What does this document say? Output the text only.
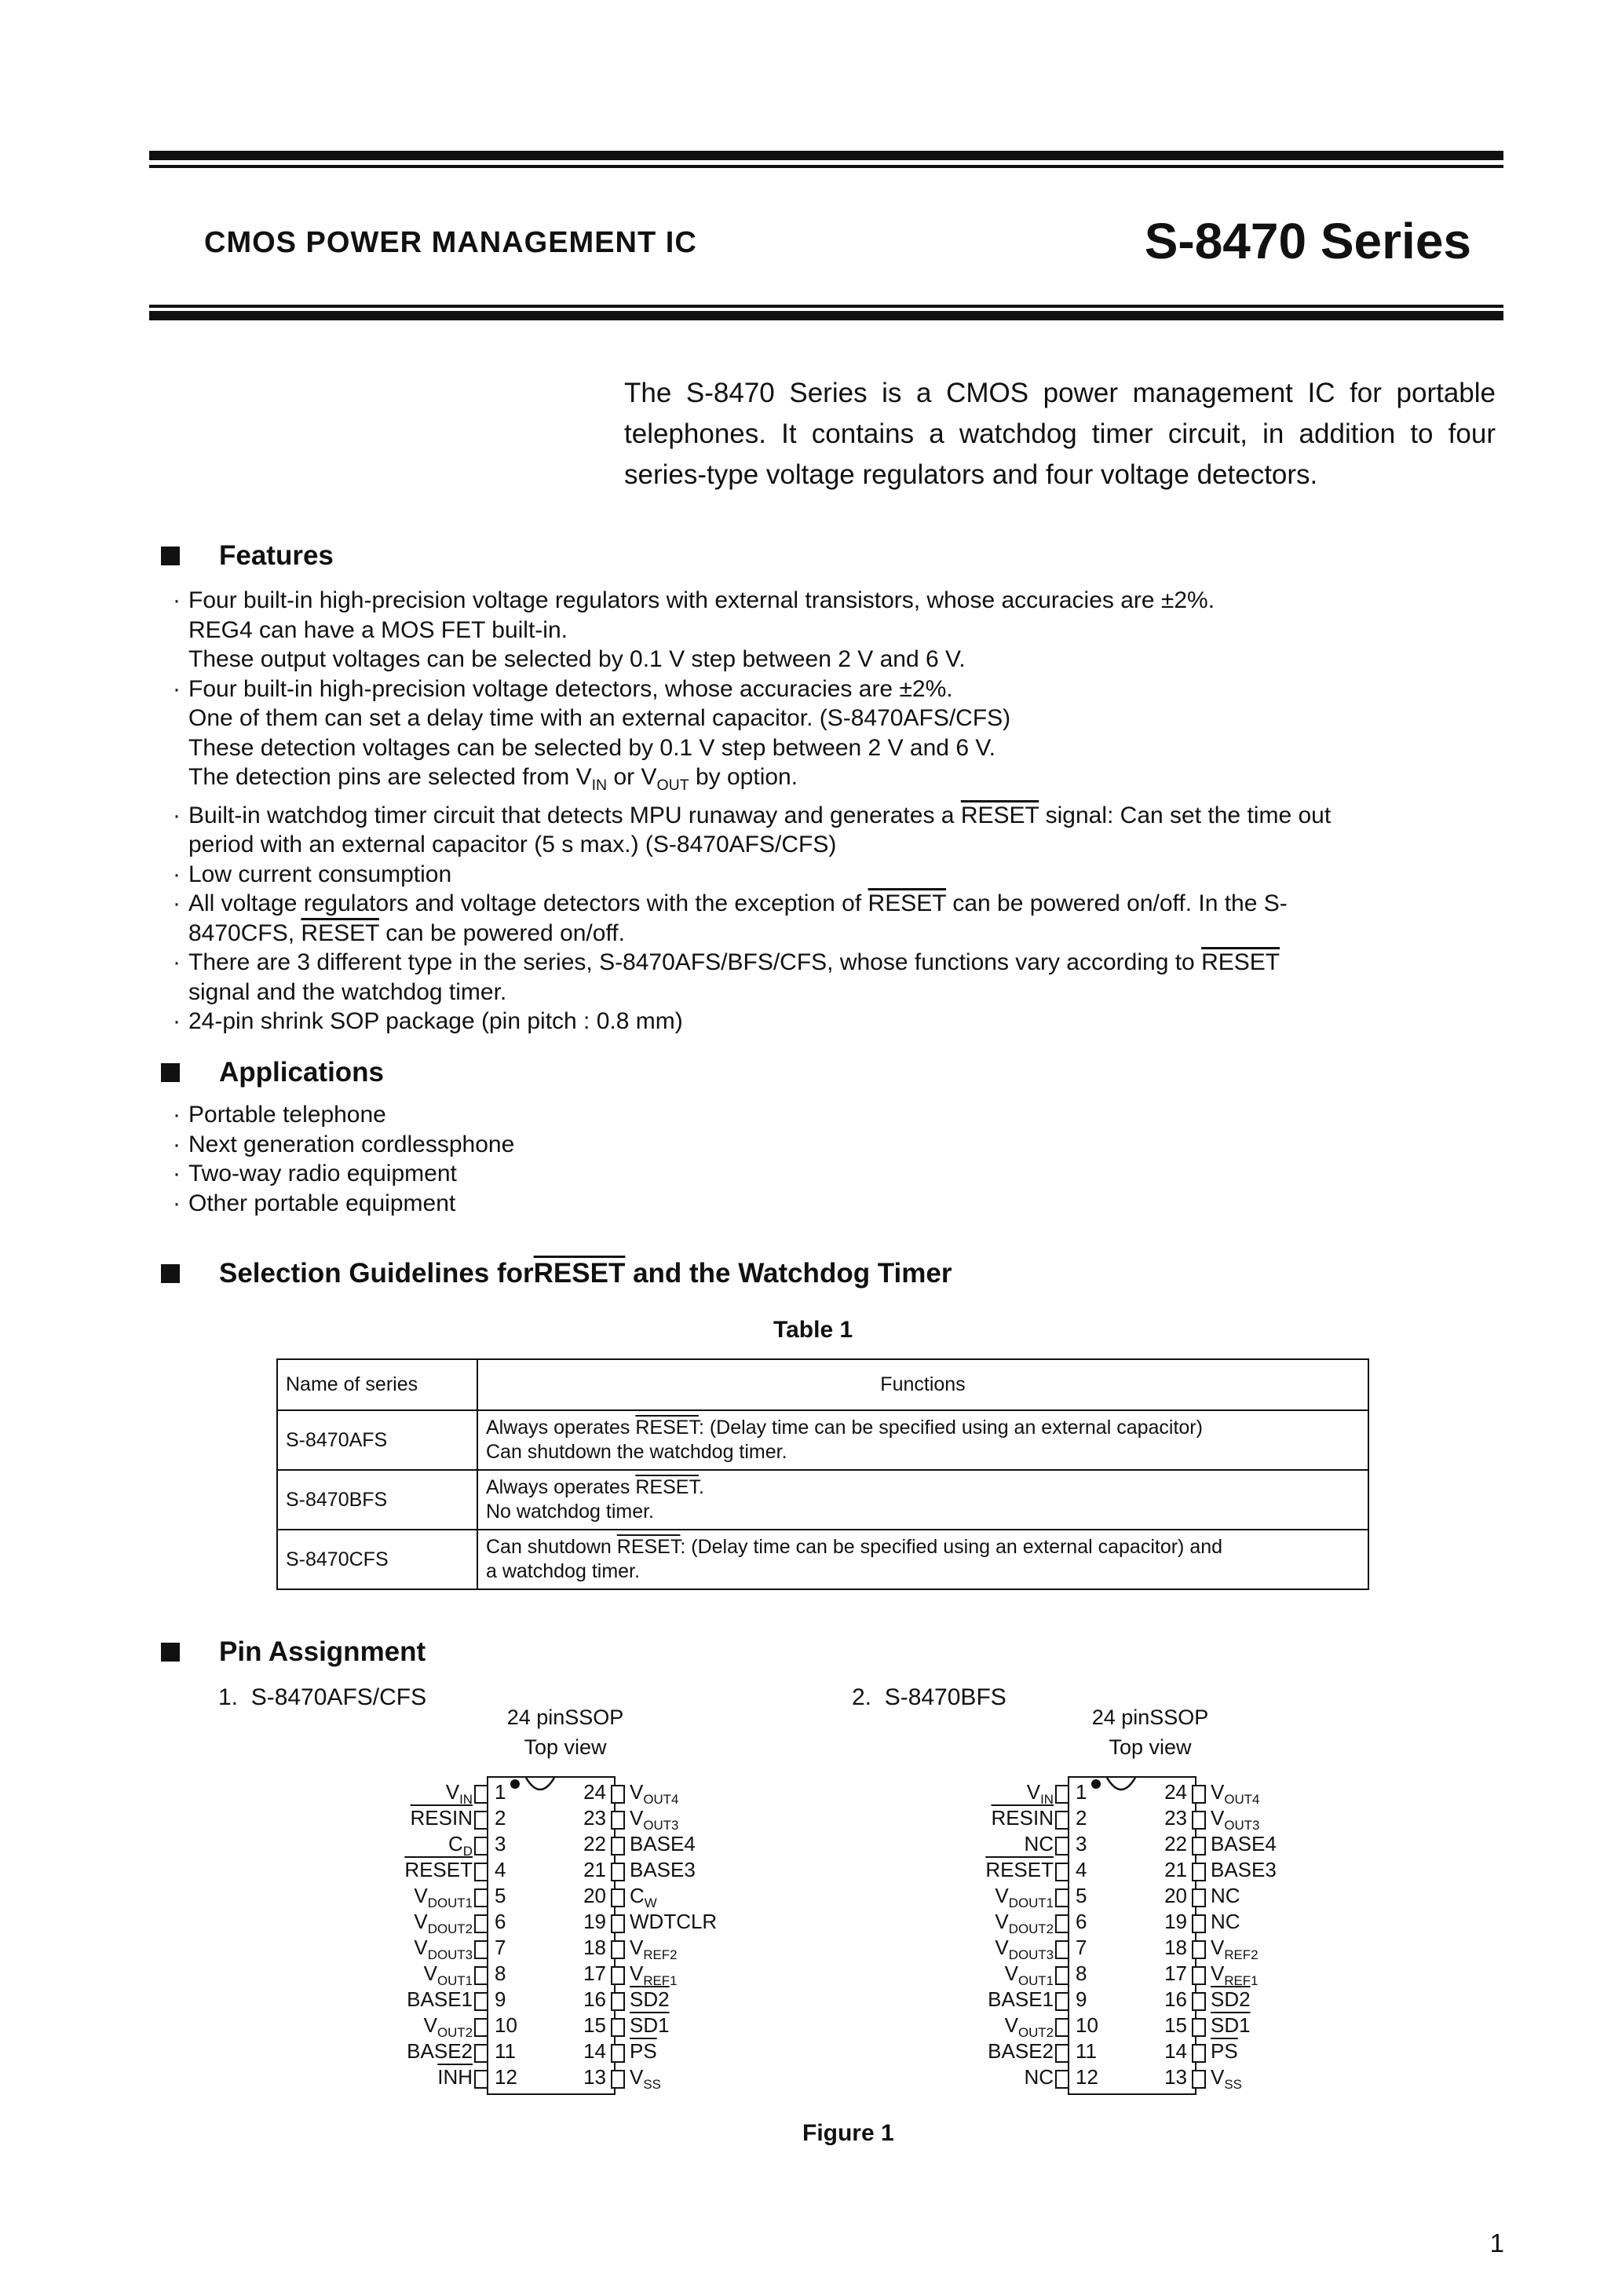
CMOS POWER MANAGEMENT IC	S-8470 Series
The S-8470 Series is a CMOS power management IC for portable telephones. It contains a watchdog timer circuit, in addition to four series-type voltage regulators and four voltage detectors.
Features
· Four built-in high-precision voltage regulators with external transistors, whose accuracies are ±2%.
REG4 can have a MOS FET built-in.
These output voltages can be selected by 0.1 V step between 2 V and 6 V.
· Four built-in high-precision voltage detectors, whose accuracies are ±2%.
One of them can set a delay time with an external capacitor. (S-8470AFS/CFS)
These detection voltages can be selected by 0.1 V step between 2 V and 6 V.
The detection pins are selected from $V_{IN}$ or $V_{OUT}$ by option.
· Built-in watchdog timer circuit that detects MPU runaway and generates a RESET signal: Can set the time out
period with an external capacitor (5 s max.) (S-8470AFS/CFS)
· Low current consumption
· All voltage regulators and voltage detectors with the exception of RESET can be powered on/off. In the S-
8470CFS, RESET can be powered on/off.
· There are 3 different type in the series, S-8470AFS/BFS/CFS, whose functions vary according to RESET
signal and the watchdog timer.
· 24-pin shrink SOP package (pin pitch : 0.8 mm)
Applications
· Portable telephone
· Next generation cordlessphone
· Two-way radio equipment
· Other portable equipment
Selection Guidelines for RESET and the Watchdog Timer
Table 1
Name of series	Functions
S-8470AFS	Always operates RESET: (Delay time can be specified using an external capacitor)
Can shutdown the watchdog timer.

S-8470BFS	Always operates RESET.
No watchdog timer.

S-8470CFS	Can shutdown RESET: (Delay time can be specified using an external capacitor) and
a watchdog timer.
Pin Assignment
1.  S-8470AFS/CFS
24 pinSSOP
Top view
2.  S-8470BFS
24 pinSSOP
Top view
$V_{IN}$ 1	24 $V_{OUT4}$
RESIN 2	23 $V_{OUT3}$
$C_D$ 3	22 BASE4
RESET 4	21 BASE3
$V_{DOUT1}$ 5	20 $C_W$
$V_{DOUT2}$ 6	19 WDTCLR
$V_{DOUT3}$ 7	18 $V_{REF2}$
$V_{OUT1}$ 8	17 $V_{REF1}$
BASE1 9	16 SD2
$V_{OUT2}$ 10	15 SD1
BASE2 11	14 $\overline{PS}$
$\overline{INH}$ 12	13 $V_{SS}$
$V_{IN}$ 1	24 $V_{OUT4}$
RESIN 2	23 $V_{OUT3}$
NC 3	22 BASE4
RESET 4	21 BASE3
$V_{DOUT1}$ 5	20 NC
$V_{DOUT2}$ 6	19 NC
$V_{DOUT3}$ 7	18 $V_{REF2}$
$V_{OUT1}$ 8	17 $V_{REF1}$
BASE1 9	16 SD2
$V_{OUT2}$ 10	15 SD1
BASE2 11	14 $\overline{PS}$
NC 12	13 $V_{SS}$
Figure 1
1
